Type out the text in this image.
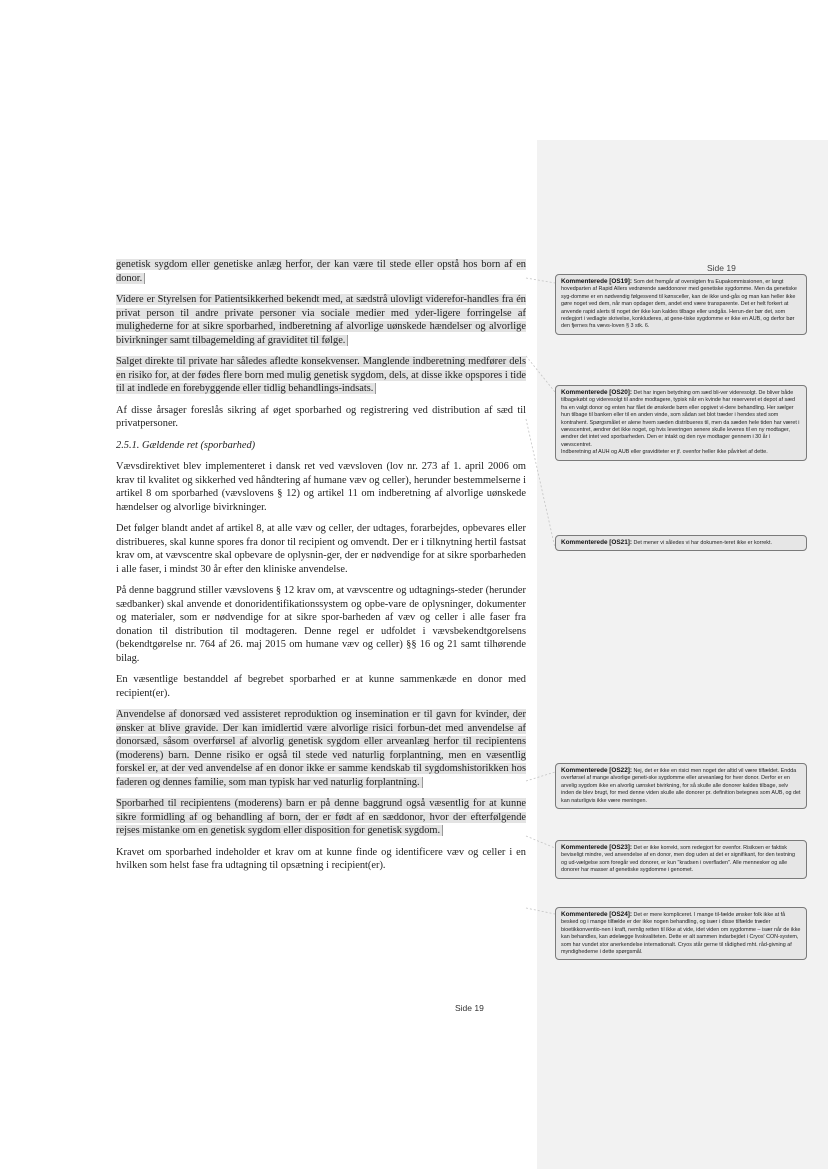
Side 19

genetisk sygdom eller genetiske anlæg herfor, der kan være til stede eller opstå hos born af en donor.

Videre er Styrelsen for Patientsikkerhed bekendt med, at sædstrå ulovligt viderefor-handles fra én privat person til andre private personer via sociale medier med yder-ligere forringelse af mulighederne for at sikre sporbarhed, indberetning af alvorlige uønskede hændelser og alvorlige bivirkninger samt tilbagemelding af graviditet til følge.

Salget direkte til private har således afledte konsekvenser. Manglende indberetning medfører dels en risiko for, at der fødes flere born med mulig genetisk sygdom, dels, at disse ikke opspores i tide til at indlede en forebyggende eller tidlig behandlings-indsats.

Af disse årsager foreslås sikring af øget sporbarhed og registrering ved distribution af sæd til privatpersoner.

2.5.1. Gældende ret (sporbarhed)

Vævsdirektivet blev implementeret i dansk ret ved vævsloven (lov nr. 273 af 1. april 2006 om krav til kvalitet og sikkerhed ved håndtering af humane væv og celler), herunder bestemmelserne i artikel 8 om sporbarhed (vævslovens § 12) og artikel 11 om indberetning af alvorlige uønskede hændelser og alvorlige bivirkninger.

Det følger blandt andet af artikel 8, at alle væv og celler, der udtages, forarbejdes, opbevares eller distribueres, skal kunne spores fra donor til recipient og omvendt. Der er i tilknytning hertil fastsat krav om, at vævscentre skal opbevare de oplysnin-ger, der er nødvendige for at sikre sporbarheden i alle faser, i mindst 30 år efter den kliniske anvendelse.

På denne baggrund stiller vævslovens § 12 krav om, at vævscentre og udtagnings-steder (herunder sædbanker) skal anvende et donoridentifikationssystem og opbe-vare de oplysninger, dokumenter og materialer, som er nødvendige for at sikre spor-barheden af væv og celler i alle faser fra donation til distribution til modtageren. Denne regel er udfoldet i vævsbekendtgorelsens (bekendtgørelse nr. 764 af 26. maj 2015 om humane væv og celler) §§ 16 og 21 samt tilhørende bilag.

En væsentlige bestanddel af begrebet sporbarhed er at kunne sammenkæde en donor med recipient(er).

Anvendelse af donorsæd ved assisteret reproduktion og insemination er til gavn for kvinder, der ønsker at blive gravide. Der kan imidlertid være alvorlige risici forbun-det med anvendelse af donorsæd, såsom overførsel af alvorlig genetisk sygdom eller arveanlæg herfor til recipientens (moderens) barn. Denne risiko er også til stede ved naturlig forplantning, men en væsentlig forskel er, at der ved anvendelse af en donor ikke er samme kendskab til sygdomshistorikken hos faderen og dennes familie, som man typisk har ved naturlig forplantning.

Sporbarhed til recipientens (moderens) barn er på denne baggrund også væsentlig for at kunne sikre formidling af og behandling af born, der er født af en sæddonor, hvor der efterfølgende rejses mistanke om en genetisk sygdom eller disposition for genetisk sygdom.

Kravet om sporbarhed indeholder et krav om at kunne finde og identificere væv og celler i en hvilken som helst fase fra udtagning til opsætning i recipient(er).

Side 19
Kommenterede [OS19]: Som det fremgår af oversigten fra Eupakommissionen, er langt hovedparten af Rapid Allers vedrørende sæddonorer med genetiske sygdomme. Men da genetiske syg-domme er en nødvendig følgesvend til kønsceller, kan de ikke und-gås og man kan heller ikke gøre noget ved dem, når man opdager dem, andet end være transparente. Det er helt forkert at anvende rapid alerts til noget der ikke kan kaldes tilbage eller undgås. Herun-der bør det, som redegjort i vedlagte skrivelse, konkluderes, at gene-tiske sygdomme er ikke en AUB, og derfor bør den fjernes fra vævs-loven § 3 stk. 6.
Kommenterede [OS20]: Det har ingen betydning om sæd bli-ver videresolgt. De bliver både tilbagekøbt og videresolgt til andre modtagere, typisk når en kvinde har reserveret et depot af sæd fra en valgt donor og enten har fået de ønskede børn eller opgivet vi-dere behandling. Her sælger hun tilbage til banken eller til en anden vinde, som sådan set blot træder i hendes sted som kontrahent. Spørgsmålet er alene hvem sæden distribueres til, men da sæden hele tiden har været i vævscentret, ændrer det ikke noget, og hvis leveringen senere skulle leveres til en ny modtager, ændrer det intet ved sporbarheden. Den er intakt og den nye modtager gennem i 30 år i vævscentret.
Indberetning af AUH og AUB eller graviditeter er jf. ovenfor heller ikke påvirket af dette.
Kommenterede [OS21]: Det mener vi således vi har dokumen-teret ikke er korrekt.
Kommenterede [OS22]: Nej, det er ikke en risici men noget der altid vil være tilfældet. Endda overførsel af mange alvorlige geneti-ske sygdomme eller arveanlæg for hver donor. Derfor er en arvelig sygdom ikke en alvorlig uønsket bivirkning, for så skulle alle donorer kaldes tilbage, selv inden de blev brugt, for med denne viden skulle alle donorer pr. definition betegnes som AUB, og det kan naturligvis ikke være meningen.
Kommenterede [OS23]: Det er ikke korrekt, som redegjort for ovenfor. Risikoen er faktisk beviseligt mindre, ved anvendelse af en donor, men dog uden at det er signifikant, for den testning og ud-vælgelse som foregår ved donorer, er kun "kradsen i overfladen". Alle mennesker og alle donorer har masser af genetiske sygdomme i genomet.
Kommenterede [OS24]: Det er mere kompliceret. I mange til-fælde ønsker folk ikke at få besked og i mange tilfælde er der ikke nogen behandling, og især i disse tilfælde træder bioetikkonventio-nen i kraft, nemlig retten til ikke at vide, idet viden om sygdomme – især når de ikke kan behandles, kan ødelægge livskvaliteten. Dette er alt sammen indarbejdet i Cryos' CON-system, som har vundet stor anerkendelse internationalt. Cryos står gerne til rådighed mht. råd-givning af myndighederne i dette spørgsmål.
